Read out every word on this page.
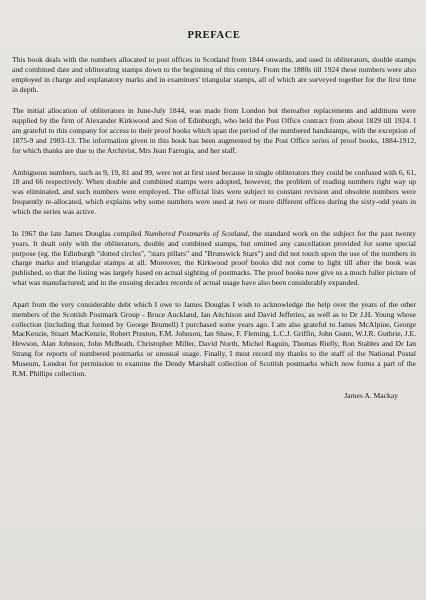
PREFACE

This book deals with the numbers allocated to post offices in Scotland from 1844 onwards, and used in obliterators, double stamps and combined date and obliterating stamps down to the beginning of this century. From the 1880s till 1924 these numbers were also employed in charge and explanatory marks and in examiners' triangular stamps, all of which are surveyed together for the first time in depth.

The initial allocation of obliterators in June-July 1844, was made from London but thereafter replacements and additions were supplied by the firm of Alexander Kirkwood and Son of Edinburgh, who held the Post Office contract from about 1829 till 1924. I am grateful to this company for access to their proof books which span the period of the numbered handstamps, with the exception of 1875-9 and 1903-13. The information given in this book has been augmented by the Post Office series of proof books, 1884-1912, for which thanks are due to the Archivist, Mrs Jean Farrugia, and her staff.

Ambiguous numbers, such as 9, 19, 81 and 99, were not at first used because in single obliterators they could be confused with 6, 61, 18 and 66 respectively. When double and combined stamps were adopted, however, the problem of reading numbers right way up was eliminated, and such numbers were employed. The official lists were subject to constant revision and obsolete numbers were frequently re-allocated, which explains why some numbers were used at two or more different offices during the sixty-odd years in which the series was active.

In 1967 the late James Douglas compiled Numbered Postmarks of Scotland, the standard work on the subject for the past twenty years. It dealt only with the obliterators, double and combined stamps, but omitted any cancellation provided for some special purpose (eg. the Edinburgh "dotted circles", "stars pillars" and "Brunswick Stars") and did not touch upon the use of the numbers in charge marks and triangular stamps at all. Moreover, the Kirkwood proof books did not come to light till after the book was published, so that the listing was largely based on actual sighting of postmarks. The proof books now give us a much fuller picture of what was manufactured; and in the ensuing decades records of actual usage have also been considerably expanded.

Apart from the very considerable debt which I owe to James Douglas I wish to acknowledge the help over the years of the other members of the Scottish Postmark Group - Bruce Auckland, Ian Aitchison and David Jefferies, as well as to Dr J.H. Young whose collection (including that formed by George Brumell) I purchased some years ago. I am also grateful to James McAlpine, George MacKenzie, Stuart MacKenzie, Robert Preston, F.M. Johnson, Ian Shaw, F. Fleming, L.C.J. Griffin, John Gunn, W.J.R. Guthrie, J.E. Hewson, Alan Johnson, John McBeath, Christopher Miller, David North, Michel Raguin, Thomas Rielly, Ron Stables and Dr Ian Strang for reports of numbered postmarks or unusual usage. Finally, I must record my thanks to the staff of the National Postal Museum, London for permission to examine the Dendy Marshall collection of Scottish postmarks which now forms a part of the R.M. Phillips collection.

James A. Mackay
